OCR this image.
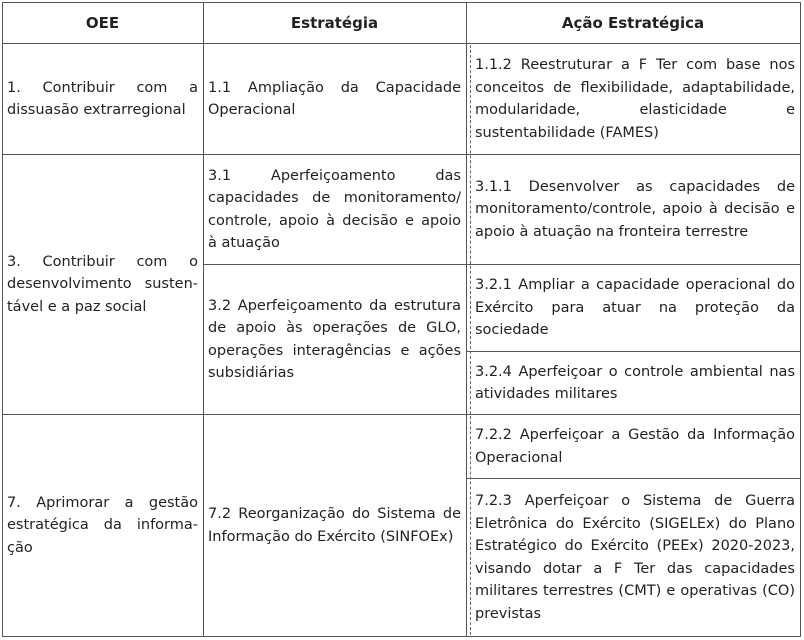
OEE	Estratégia	Ação Estratégica
1. Contribuir com a dissuasão extrarregional
1.1 Ampliação da Capacidade Operacional
1.1.2 Reestruturar a F Ter com base nos conceitos de flexibilidade, adaptabilidade, modularidade, elasticidade e sustentabilidade (FAMES)
3. Contribuir com o desenvolvimento susten-tável e a paz social
3.1 Aperfeiçoamento das capacidades de monitoramento/ controle, apoio à decisão e apoio à atuação
3.1.1 Desenvolver as capacidades de monitoramento/controle, apoio à decisão e apoio à atuação na fronteira terrestre
3.2 Aperfeiçoamento da estrutura de apoio às operações de GLO, operações interagências e ações subsidiárias
3.2.1 Ampliar a capacidade operacional do Exército para atuar na proteção da sociedade
3.2.4 Aperfeiçoar o controle ambiental nas atividades militares
7. Aprimorar a gestão estratégica da informa-ção
7.2 Reorganização do Sistema de Informação do Exército (SINFOEx)
7.2.2 Aperfeiçoar a Gestão da Informação Operacional
7.2.3 Aperfeiçoar o Sistema de Guerra Eletrônica do Exército (SIGELEx) do Plano Estratégico do Exército (PEEx) 2020-2023, visando dotar a F Ter das capacidades militares terrestres (CMT) e operativas (CO) previstas
